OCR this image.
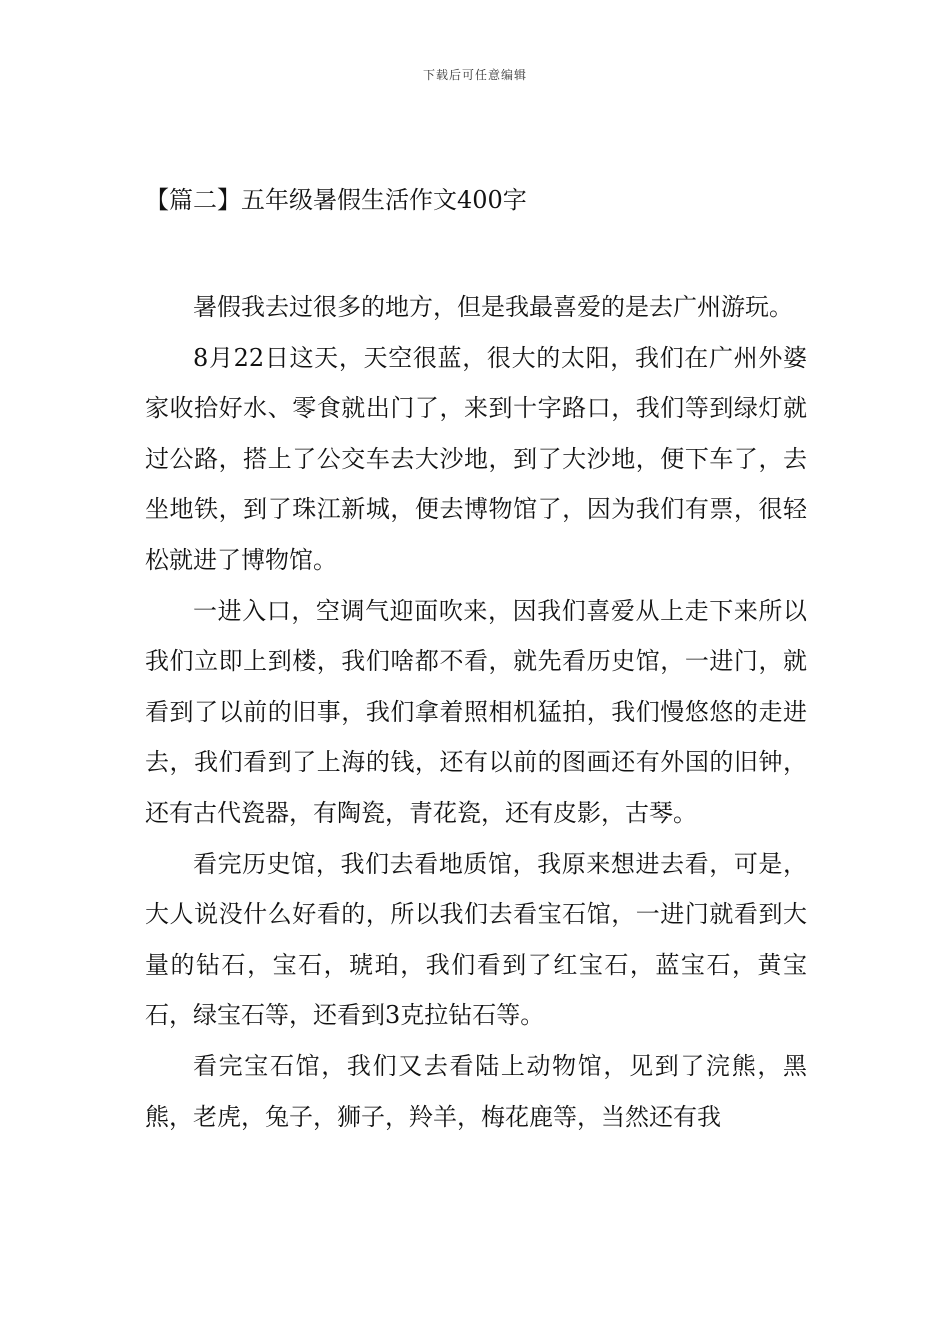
下载后可任意编辑
【篇二】五年级暑假生活作文400字

暑假我去过很多的地方，但是我最喜爱的是去广州游玩。

8月22日这天，天空很蓝，很大的太阳，我们在广州外婆家收拾好水、零食就出门了，来到十字路口，我们等到绿灯就过公路，搭上了公交车去大沙地，到了大沙地，便下车了，去坐地铁，到了珠江新城，便去博物馆了，因为我们有票，很轻松就进了博物馆。

一进入口，空调气迎面吹来，因我们喜爱从上走下来所以我们立即上到楼，我们啥都不看，就先看历史馆，一进门，就看到了以前的旧事，我们拿着照相机猛拍，我们慢悠悠的走进去，我们看到了上海的钱，还有以前的图画还有外国的旧钟，还有古代瓷器，有陶瓷，青花瓷，还有皮影，古琴。

看完历史馆，我们去看地质馆，我原来想进去看，可是，大人说没什么好看的，所以我们去看宝石馆，一进门就看到大量的钻石，宝石，琥珀，我们看到了红宝石，蓝宝石，黄宝石，绿宝石等，还看到3克拉钻石等。

看完宝石馆，我们又去看陆上动物馆，见到了浣熊，黑熊，老虎，兔子，狮子，羚羊，梅花鹿等，当然还有我
